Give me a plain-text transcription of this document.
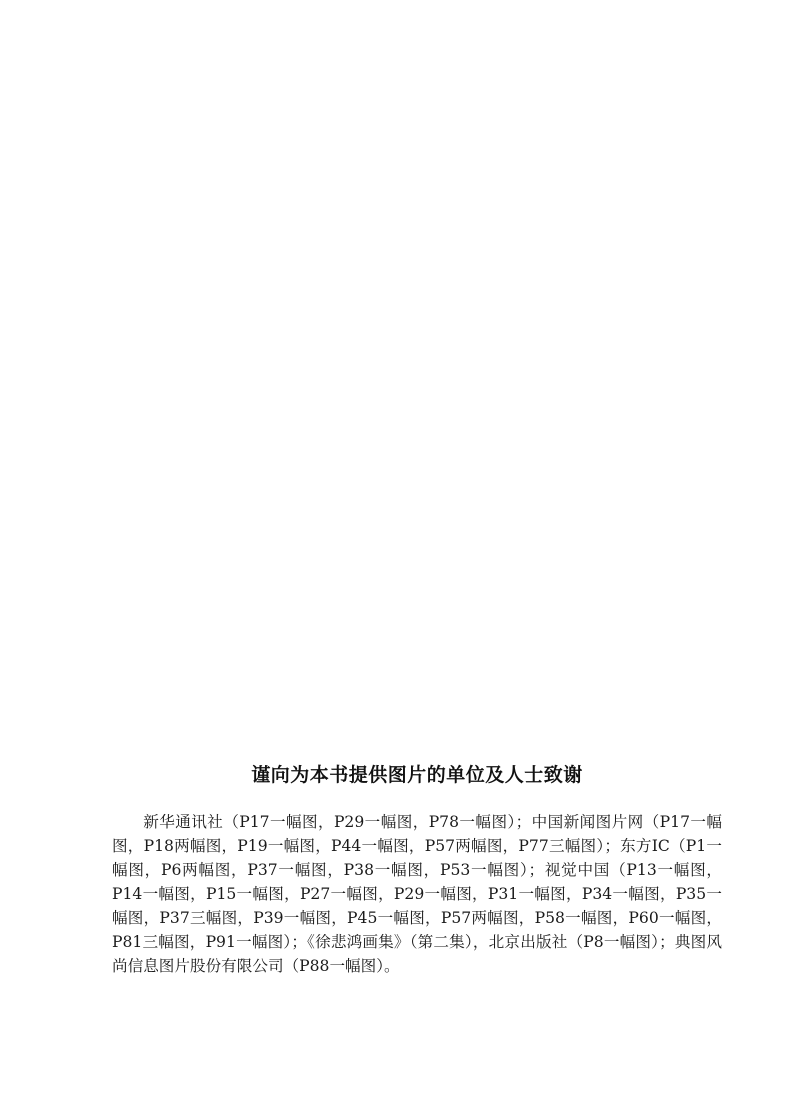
谨向为本书提供图片的单位及人士致谢

新华通讯社（P17一幅图，P29一幅图，P78一幅图）；中国新闻图片网（P17一幅图，P18两幅图，P19一幅图，P44一幅图，P57两幅图，P77三幅图）；东方IC（P1一幅图，P6两幅图，P37一幅图，P38一幅图，P53一幅图）；视觉中国（P13一幅图，P14一幅图，P15一幅图，P27一幅图，P29一幅图，P31一幅图，P34一幅图，P35一幅图，P37三幅图，P39一幅图，P45一幅图，P57两幅图，P58一幅图，P60一幅图，P81三幅图，P91一幅图）；《徐悲鸿画集》（第二集），北京出版社（P8一幅图）；典图风尚信息图片股份有限公司（P88一幅图）。
